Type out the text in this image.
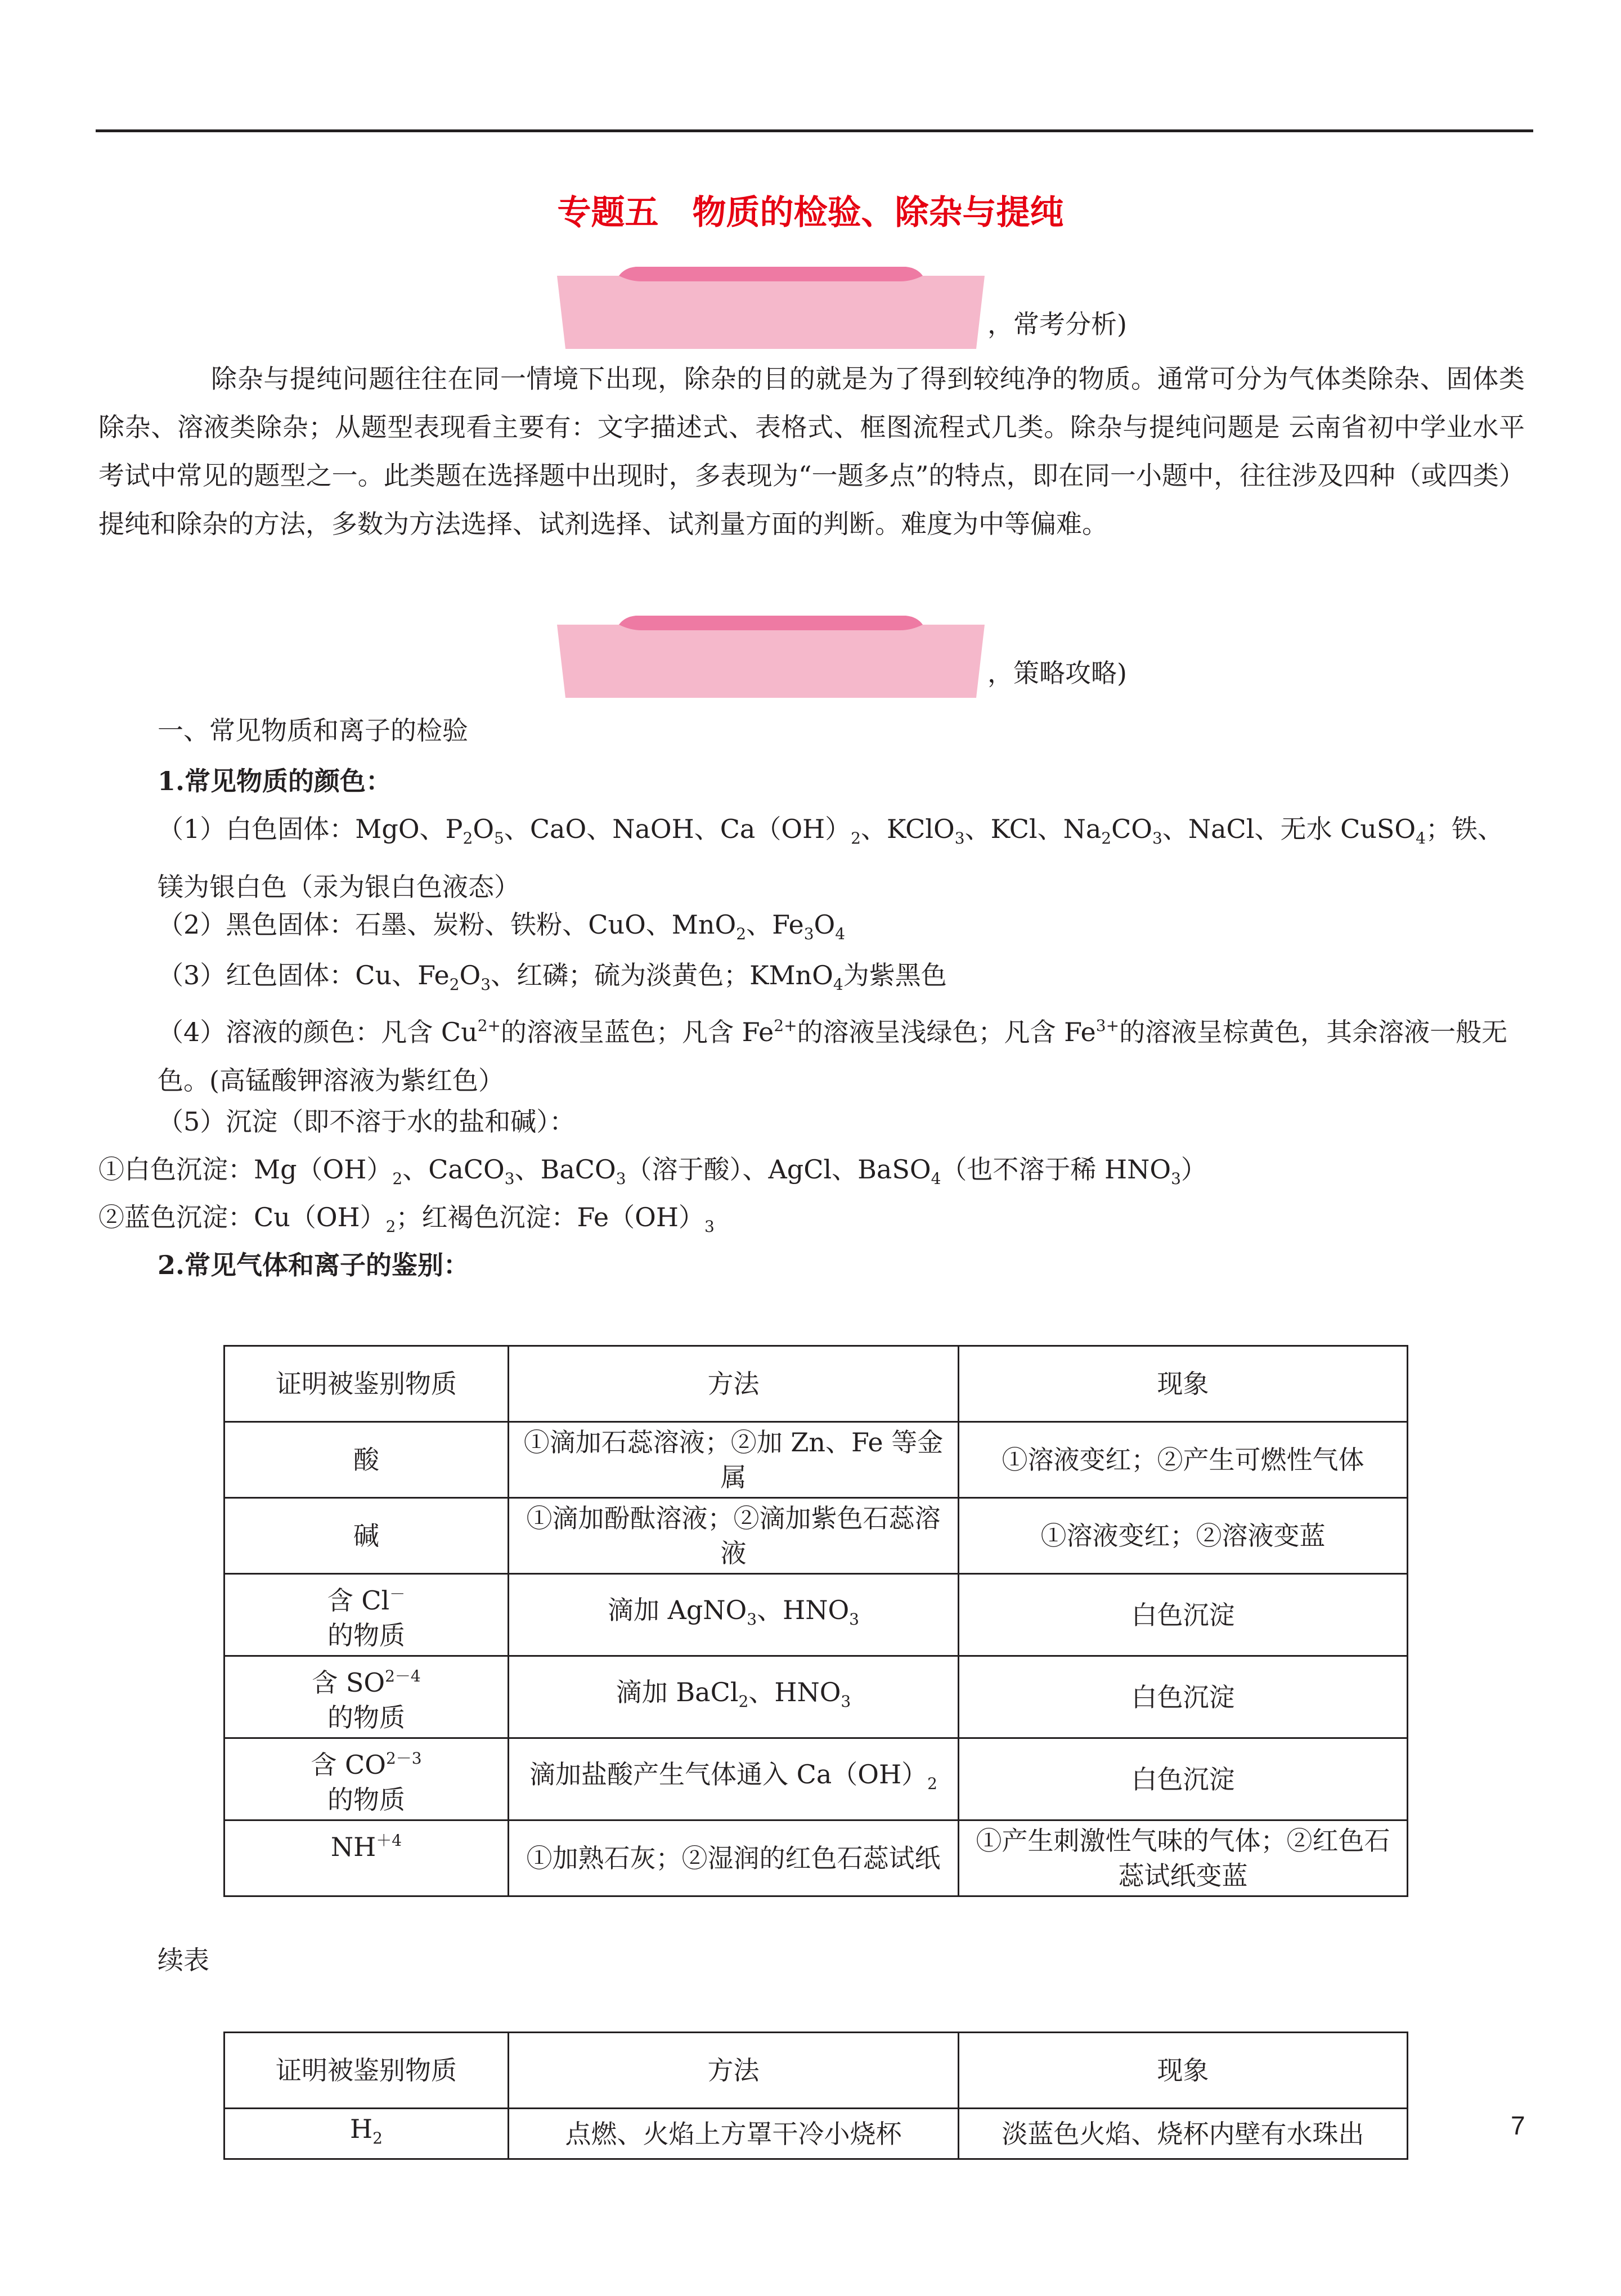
专题五　物质的检验、除杂与提纯
，常考分析)

除杂与提纯问题往往在同一情境下出现，除杂的目的就是为了得到较纯净的物质。通常可分为气体类除杂、固体类除杂、溶液类除杂；从题型表现看主要有：文字描述式、表格式、框图流程式几类。除杂与提纯问题是 云南省初中学业水平考试中常见的题型之一。此类题在选择题中出现时，多表现为“一题多点”的特点，即在同一小题中，往往涉及四种（或四类）提纯和除杂的方法，多数为方法选择、试剂选择、试剂量方面的判断。难度为中等偏难。

，策略攻略)
一、常见物质和离子的检验
1.常见物质的颜色：
（1）白色固体：MgO、$P_2O_5$、CaO、NaOH、$Ca(OH)_2$、KClO$_3$、KCl、$Na_2CO_3$、NaCl、无水 CuSO$_4$；铁、镁为银白色（汞为银白色液态）
（2）黑色固体：石墨、炭粉、铁粉、CuO、MnO$_2$、$Fe_3O_4$
（3）红色固体：Cu、$Fe_2O_3$、红磷；硫为淡黄色；KMnO$_4$为紫黑色
（4）溶液的颜色：凡含 $Cu^{2+}$的溶液呈蓝色；凡含 $Fe^{2+}$的溶液呈浅绿色；凡含 $Fe^{3+}$的溶液呈棕黄色，其余溶液一般无色。(高锰酸钾溶液为紫红色）
（5）沉淀（即不溶于水的盐和碱）：
①白色沉淀：$Mg(OH)_2$、CaCO$_3$、BaCO$_3$（溶于酸）、AgCl、BaSO$_4$（也不溶于稀 $HNO_3$）
②蓝色沉淀：$Cu(OH)_2$；红褐色沉淀：$Fe(OH)_3$
2.常见气体和离子的鉴别：
证明被鉴别物质	方法	现象
酸	①滴加石蕊溶液；②加 Zn、Fe 等金属	①溶液变红；②产生可燃性气体
碱	①滴加酚酞溶液；②滴加紫色石蕊溶液	①溶液变红；②溶液变蓝
含 Cl－
的物质	滴加 AgNO$_3$、$HNO_3$	白色沉淀
含 $SO^{2-4}$
的物质	滴加 BaCl$_2$、$HNO_3$	白色沉淀
含 $CO^{2-3}$
的物质	滴加盐酸产生气体通入 $Ca(OH)_2$	白色沉淀
$NH^{+4}$	①加熟石灰；②湿润的红色石蕊试纸	①产生刺激性气味的气体；②红色石蕊试纸变蓝
续表
证明被鉴别物质	方法	现象
$H_2$	点燃、火焰上方罩干冷小烧杯	淡蓝色火焰、烧杯内壁有水珠出	7
